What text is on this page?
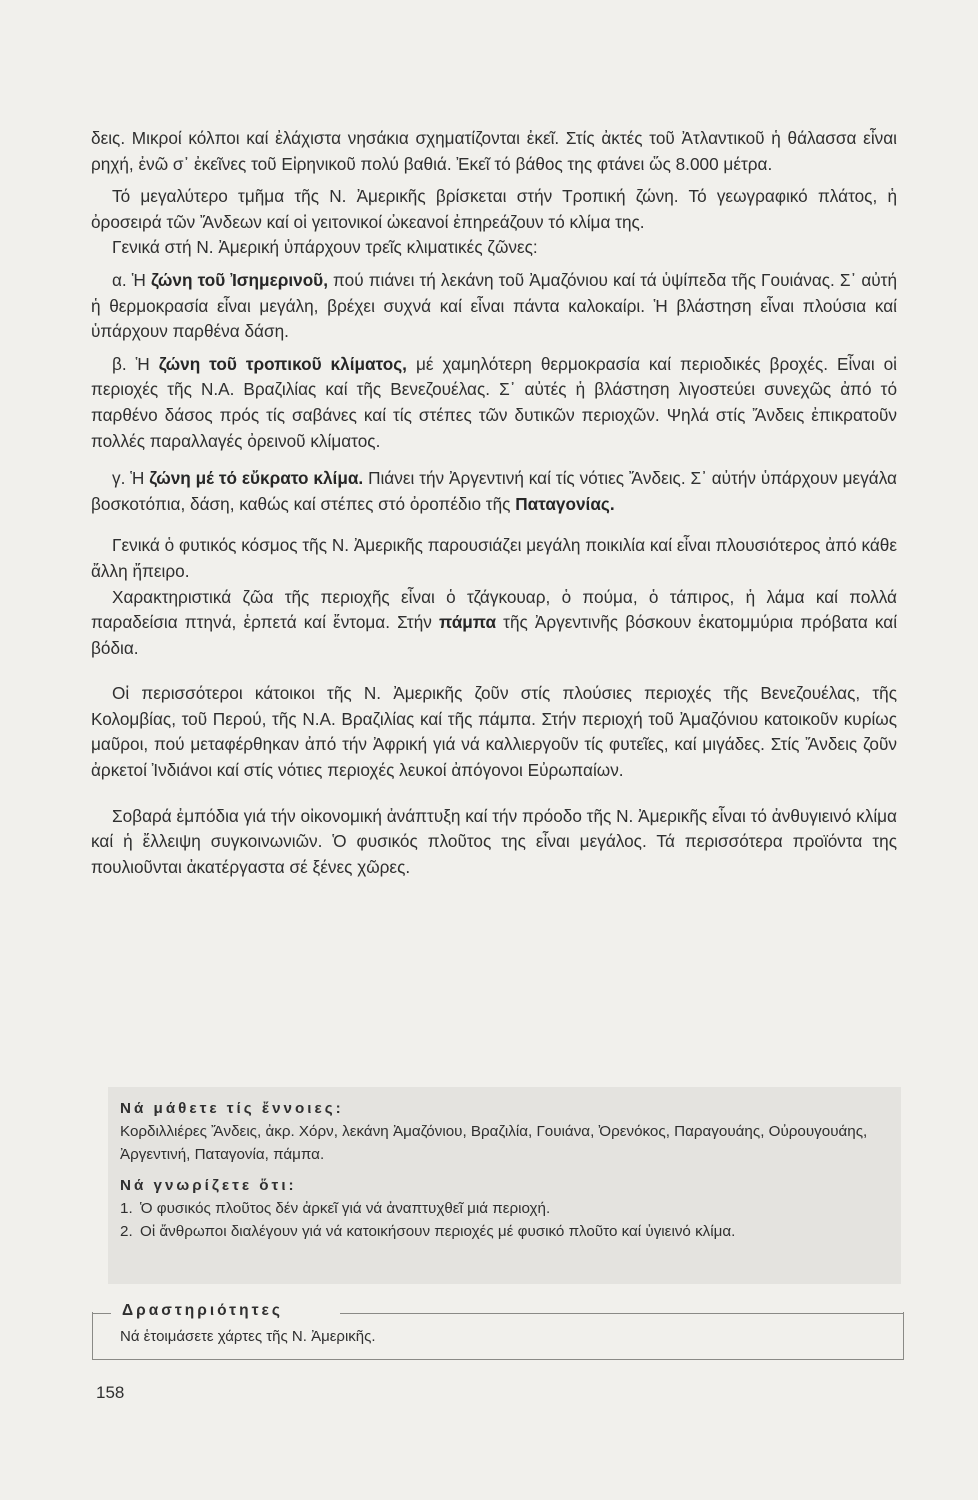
δεις. Μικροί κόλποι καί ἐλάχιστα νησάκια σχηματίζονται ἐκεῖ. Στίς ἀκτές τοῦ Ἀτλαντικοῦ ἡ θάλασσα εἶναι ρηχή, ἐνῶ σ᾽ ἐκεῖνες τοῦ Εἰρηνικοῦ πολύ βαθιά. Ἐκεῖ τό βάθος της φτάνει ὥς 8.000 μέτρα.

Τό μεγαλύτερο τμῆμα τῆς Ν. Ἀμερικῆς βρίσκεται στήν Τροπική ζώνη. Τό γεωγραφικό πλάτος, ἡ ὀροσειρά τῶν Ἄνδεων καί οἱ γειτονικοί ὠκεανοί ἐπηρεάζουν τό κλίμα της.

Γενικά στή Ν. Ἀμερική ὑπάρχουν τρεῖς κλιματικές ζῶνες:

α. Ἡ ζώνη τοῦ Ἰσημερινοῦ, πού πιάνει τή λεκάνη τοῦ Ἀμαζόνιου καί τά ὑψίπεδα τῆς Γουιάνας. Σ᾽ αὐτή ἡ θερμοκρασία εἶναι μεγάλη, βρέχει συχνά καί εἶναι πάντα καλοκαίρι. Ἡ βλάστηση εἶναι πλούσια καί ὑπάρχουν παρθένα δάση.

β. Ἡ ζώνη τοῦ τροπικοῦ κλίματος, μέ χαμηλότερη θερμοκρασία καί περιοδικές βροχές. Εἶναι οἱ περιοχές τῆς Ν.Α. Βραζιλίας καί τῆς Βενεζουέλας. Σ᾽ αὐτές ἡ βλάστηση λιγοστεύει συνεχῶς ἀπό τό παρθένο δάσος πρός τίς σαβάνες καί τίς στέπες τῶν δυτικῶν περιοχῶν. Ψηλά στίς Ἄνδεις ἐπικρατοῦν πολλές παραλλαγές ὀρεινοῦ κλίματος.

γ. Ἡ ζώνη μέ τό εὔκρατο κλίμα. Πιάνει τήν Ἀργεντινή καί τίς νότιες Ἄνδεις. Σ᾽ αὐτήν ὑπάρχουν μεγάλα βοσκοτόπια, δάση, καθώς καί στέπες στό ὀροπέδιο τῆς Παταγονίας.

Γενικά ὁ φυτικός κόσμος τῆς Ν. Ἀμερικῆς παρουσιάζει μεγάλη ποικιλία καί εἶναι πλουσιότερος ἀπό κάθε ἄλλη ἤπειρο.

Χαρακτηριστικά ζῶα τῆς περιοχῆς εἶναι ὁ τζάγκουαρ, ὁ πούμα, ὁ τάπιρος, ἡ λάμα καί πολλά παραδείσια πτηνά, ἑρπετά καί ἔντομα. Στήν πάμπα τῆς Ἀργεντινῆς βόσκουν ἑκατομμύρια πρόβατα καί βόδια.

Οἱ περισσότεροι κάτοικοι τῆς Ν. Ἀμερικῆς ζοῦν στίς πλούσιες περιοχές τῆς Βενεζουέλας, τῆς Κολομβίας, τοῦ Περού, τῆς Ν.Α. Βραζιλίας καί τῆς πάμπα. Στήν περιοχή τοῦ Ἀμαζόνιου κατοικοῦν κυρίως μαῦροι, πού μεταφέρθηκαν ἀπό τήν Ἀφρική γιά νά καλλιεργοῦν τίς φυτεῖες, καί μιγάδες. Στίς Ἄνδεις ζοῦν ἀρκετοί Ἰνδιάνοι καί στίς νότιες περιοχές λευκοί ἀπόγονοι Εὐρωπαίων.

Σοβαρά ἐμπόδια γιά τήν οἰκονομική ἀνάπτυξη καί τήν πρόοδο τῆς Ν. Ἀμερικῆς εἶναι τό ἀνθυγιεινό κλίμα καί ἡ ἔλλειψη συγκοινωνιῶν. Ὁ φυσικός πλοῦτος της εἶναι μεγάλος. Τά περισσότερα προϊόντα της πουλιοῦνται ἀκατέργαστα σέ ξένες χῶρες.

Νά μάθετε τίς ἔννοιες:

Κορδιλλιέρες Ἄνδεις, ἀκρ. Χόρν, λεκάνη Ἀμαζόνιου, Βραζιλία, Γουιάνα, Ὀρενόκος, Παραγουάης, Οὐρουγουάης, Ἀργεντινή, Παταγονία, πάμπα.

Νά γνωρίζετε ὅτι:

1. Ὁ φυσικός πλοῦτος δέν ἀρκεῖ γιά νά ἀναπτυχθεῖ μιά περιοχή.
2. Οἱ ἄνθρωποι διαλέγουν γιά νά κατοικήσουν περιοχές μέ φυσικό πλοῦτο καί ὑγιεινό κλίμα.
Δραστηριότητες
Νά ἑτοιμάσετε χάρτες τῆς Ν. Ἀμερικῆς.
158
